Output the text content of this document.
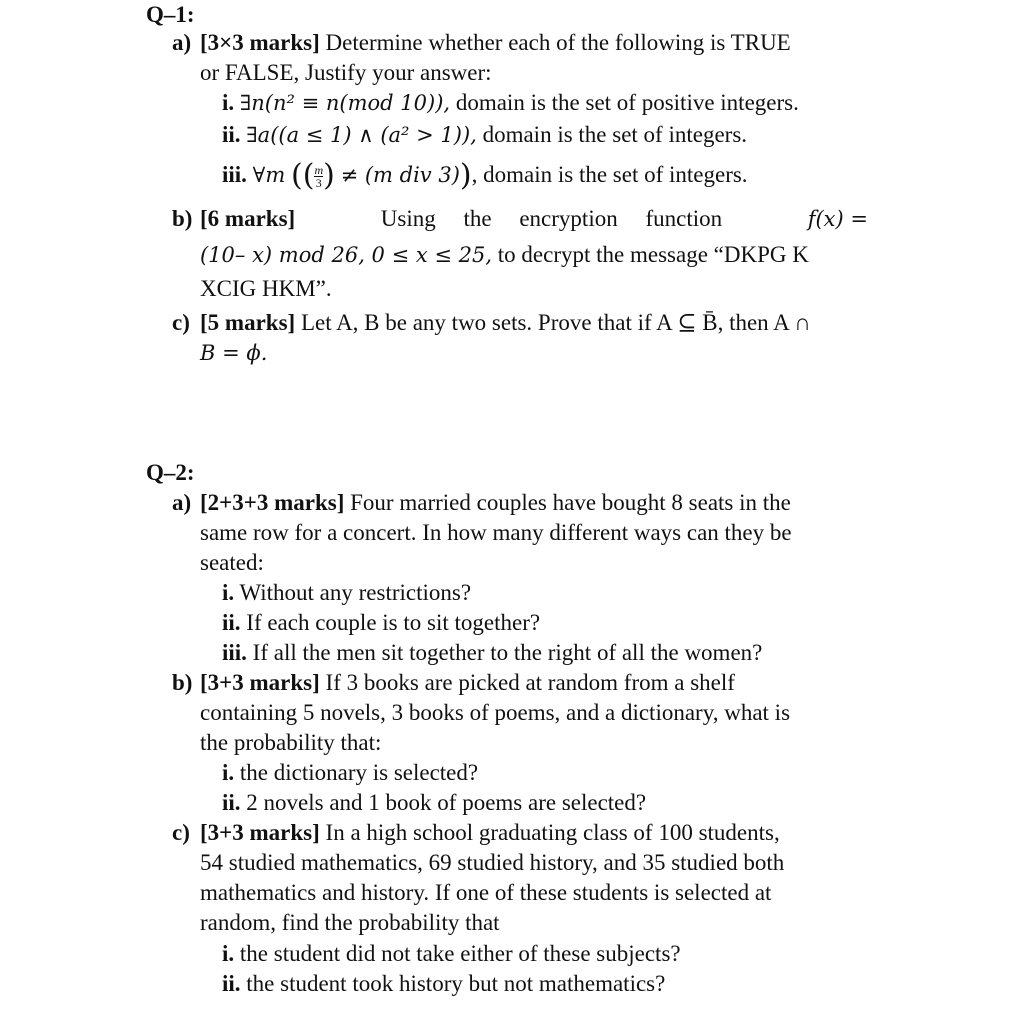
Q–1:
a) [3×3 marks] Determine whether each of the following is TRUE
or FALSE, Justify your answer:
i. ∃n(n² ≡ n(mod 10)), domain is the set of positive integers.
ii. ∃a((a ≤ 1) ∧ (a² > 1)), domain is the set of integers.
iii. ∀m (( $\frac{m}{3}$ ) ≠ (m div 3)), domain is the set of integers.
b) [6 marks]	Using the encryption function	f(x) =
(10– x) mod 26, 0 ≤ x ≤ 25, to decrypt the message “DKPG K
XCIG HKM”.
c) [5 marks] Let A, B be any two sets. Prove that if A ⊆ B̄, then A ∩
B = ϕ.
Q–2:
a) [2+3+3 marks] Four married couples have bought 8 seats in the
same row for a concert. In how many different ways can they be
seated:
i. Without any restrictions?
ii. If each couple is to sit together?
iii. If all the men sit together to the right of all the women?
b) [3+3 marks] If 3 books are picked at random from a shelf
containing 5 novels, 3 books of poems, and a dictionary, what is
the probability that:
i. the dictionary is selected?
ii. 2 novels and 1 book of poems are selected?
c) [3+3 marks] In a high school graduating class of 100 students,
54 studied mathematics, 69 studied history, and 35 studied both
mathematics and history. If one of these students is selected at
random, find the probability that
i. the student did not take either of these subjects?
ii. the student took history but not mathematics?
